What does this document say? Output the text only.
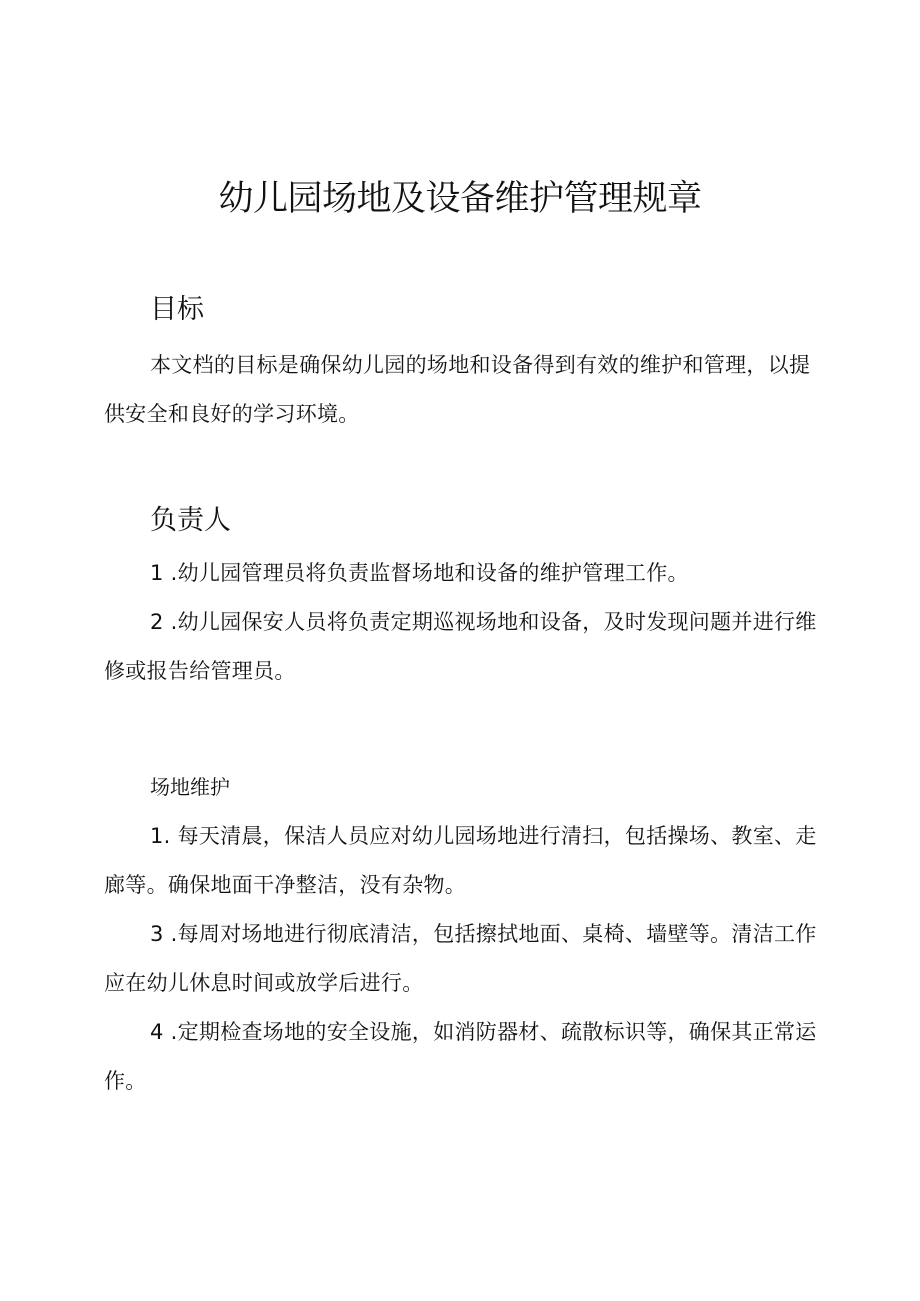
幼儿园场地及设备维护管理规章
目标

本文档的目标是确保幼儿园的场地和设备得到有效的维护和管理，以提供安全和良好的学习环境。

负责人

1 .幼儿园管理员将负责监督场地和设备的维护管理工作。

2 .幼儿园保安人员将负责定期巡视场地和设备，及时发现问题并进行维修或报告给管理员。

场地维护

1. 每天清晨，保洁人员应对幼儿园场地进行清扫，包括操场、教室、走廊等。确保地面干净整洁，没有杂物。

3 .每周对场地进行彻底清洁，包括擦拭地面、桌椅、墙壁等。清洁工作应在幼儿休息时间或放学后进行。

4 .定期检查场地的安全设施，如消防器材、疏散标识等，确保其正常运作。
